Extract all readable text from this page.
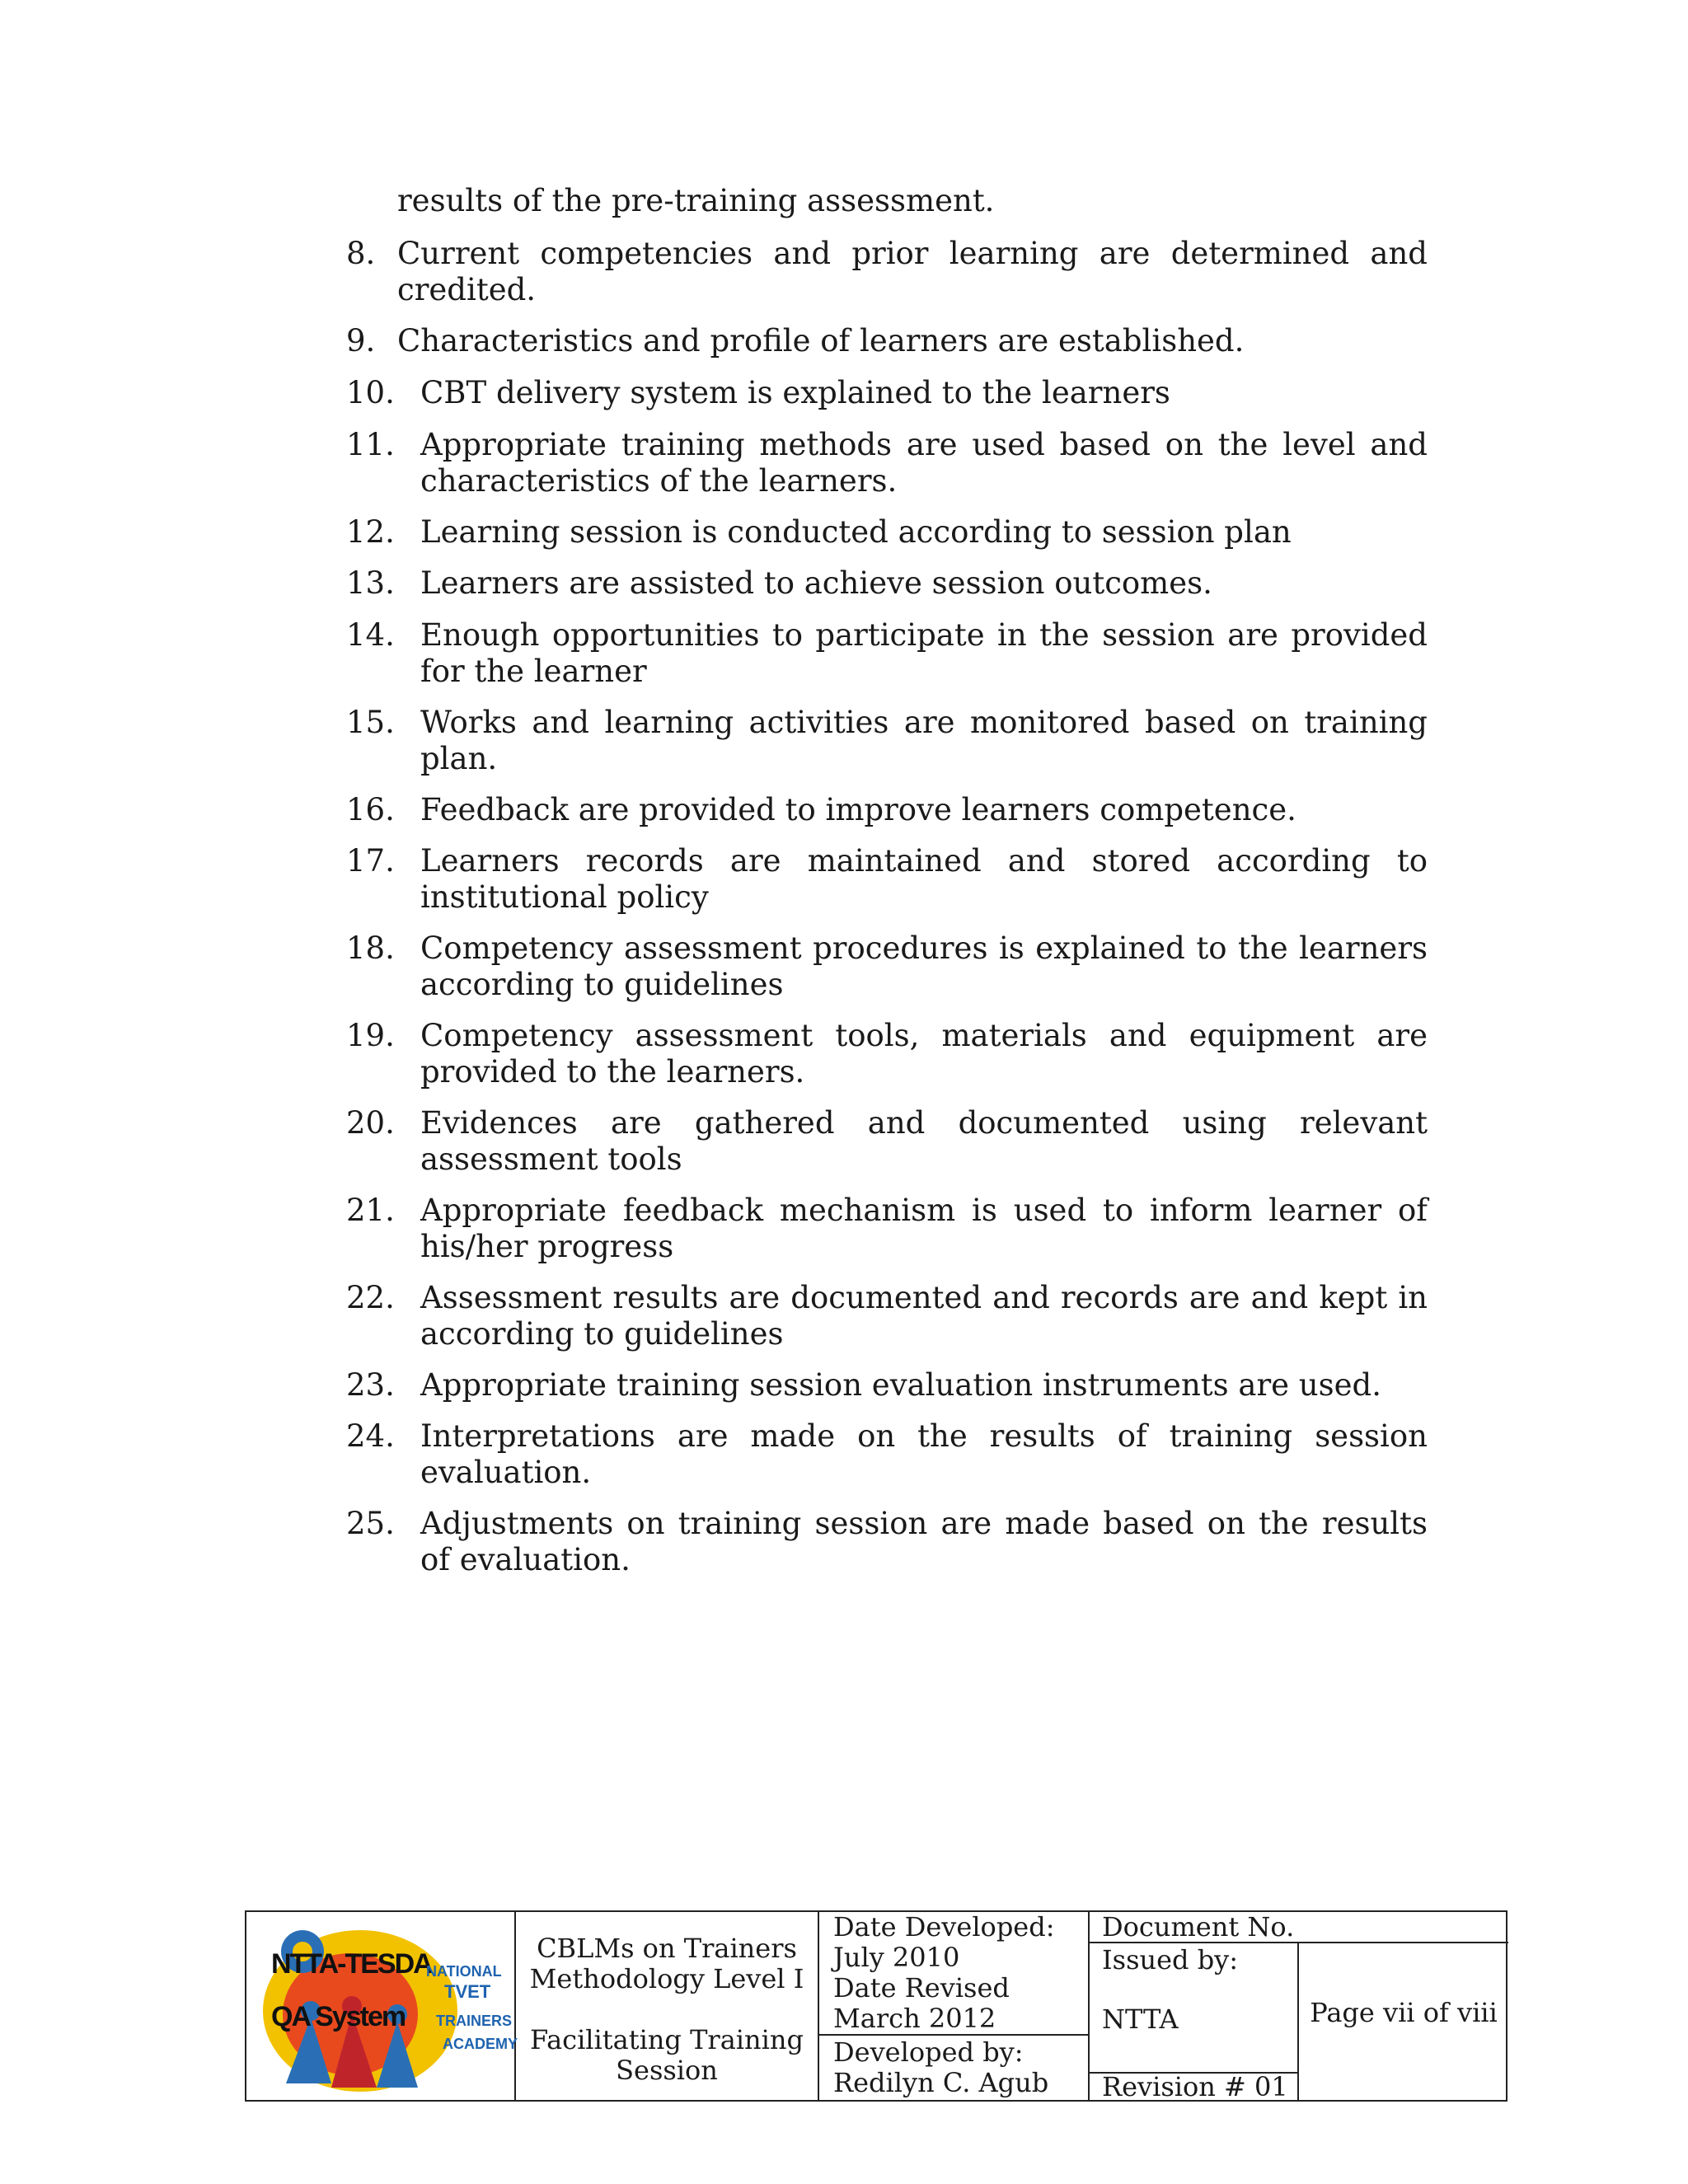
results of the pre-training assessment.
8. Current competencies and prior learning are determined and credited.
9. Characteristics and profile of learners are established.
10. CBT delivery system is explained to the learners
11. Appropriate training methods are used based on the level and characteristics of the learners.
12. Learning session is conducted according to session plan
13. Learners are assisted to achieve session outcomes.
14. Enough opportunities to participate in the session are provided for the learner
15. Works and learning activities are monitored based on training plan.
16. Feedback are provided to improve learners competence.
17. Learners records are maintained and stored according to institutional policy
18. Competency assessment procedures is explained to the learners according to guidelines
19. Competency assessment tools, materials and equipment are provided to the learners.
20. Evidences are gathered and documented using relevant assessment tools
21. Appropriate feedback mechanism is used to inform learner of his/her progress
22. Assessment results are documented and records are and kept in according to guidelines
23. Appropriate training session evaluation instruments are used.
24. Interpretations are made on the results of training session evaluation.
25. Adjustments on training session are made based on the results of evaluation.
NTTA-TESDA
QA System
NATIONAL
TVET
TRAINERS
ACADEMY
CBLMs on Trainers
Methodology Level I
Facilitating Training
Session
Date Developed:
July 2010
Date Revised
March 2012
Developed by:
Redilyn C. Agub
Document No.
Issued by:
NTTA
Revision # 01
Page vii of viii
